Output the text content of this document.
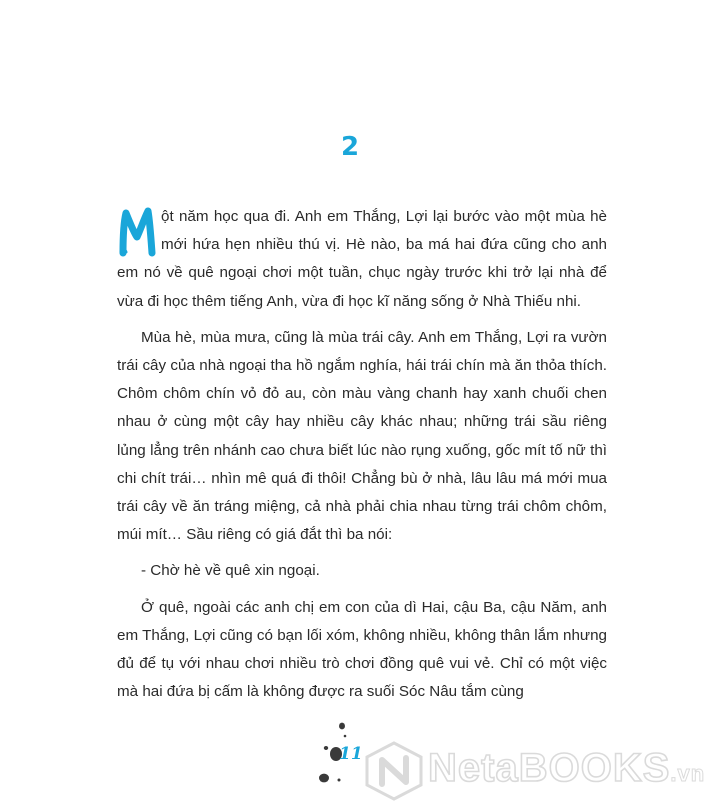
2

ột năm học qua đi. Anh em Thắng, Lợi lại bước vào một mùa hè mới hứa hẹn nhiều thú vị. Hè nào, ba má hai đứa cũng cho anh em nó về quê ngoại chơi một tuần, chục ngày trước khi trở lại nhà để vừa đi học thêm tiếng Anh, vừa đi học kĩ năng sống ở Nhà Thiếu nhi.

Mùa hè, mùa mưa, cũng là mùa trái cây. Anh em Thắng, Lợi ra vườn trái cây của nhà ngoại tha hồ ngắm nghía, hái trái chín mà ăn thỏa thích. Chôm chôm chín vỏ đỏ au, còn màu vàng chanh hay xanh chuối chen nhau ở cùng một cây hay nhiều cây khác nhau; những trái sầu riêng lủng lẳng trên nhánh cao chưa biết lúc nào rụng xuống, gốc mít tố nữ thì chi chít trái… nhìn mê quá đi thôi! Chẳng bù ở nhà, lâu lâu má mới mua trái cây về ăn tráng miệng, cả nhà phải chia nhau từng trái chôm chôm, múi mít… Sầu riêng có giá đắt thì ba nói:

- Chờ hè về quê xin ngoại.

Ở quê, ngoài các anh chị em con của dì Hai, cậu Ba, cậu Năm, anh em Thắng, Lợi cũng có bạn lối xóm, không nhiều, không thân lắm nhưng đủ để tụ với nhau chơi nhiều trò chơi đồng quê vui vẻ. Chỉ có một việc mà hai đứa bị cấm là không được ra suối Sóc Nâu tắm cùng

11 NetaBOOKS.vn
